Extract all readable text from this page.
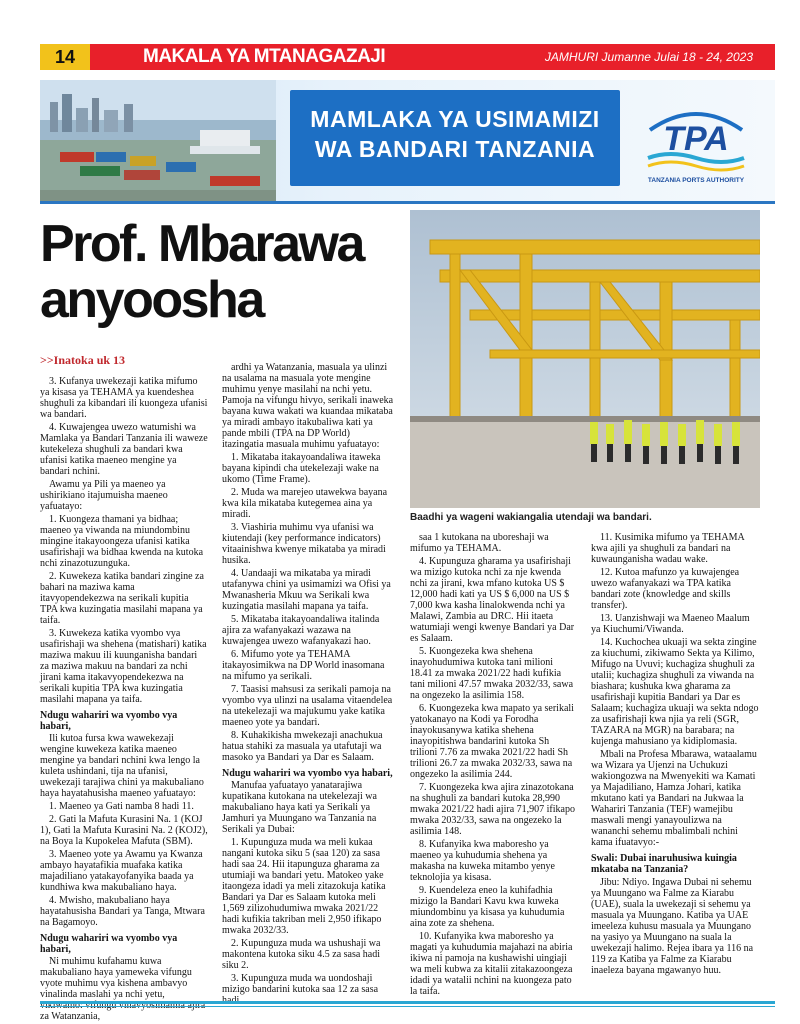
14	MAKALA YA MTANAGAZAJI	JAMHURI Jumanne Julai 18 - 24, 2023
MAMLAKA YA USIMAMIZI
WA BANDARI TANZANIA	TPA
TANZANIA PORTS AUTHORITY
Prof. Mbarawa
anyoosha
>>Inatoka uk 13
Baadhi ya wageni wakiangalia utendaji wa bandari.

3. Kufanya uwekezaji katika mifumo ya kisasa ya TEHAMA ya kuendeshea shughuli za kibandari ili kuongeza ufanisi wa bandari.

4. Kuwajengea uwezo watumishi wa Mamlaka ya Bandari Tanzania ili waweze kutekeleza shughuli za bandari kwa ufanisi katika maeneo mengine ya bandari nchini.

Awamu ya Pili ya maeneo ya ushirikiano itajumuisha maeneo yafuatayo:

1. Kuongeza thamani ya bidhaa; maeneo ya viwanda na miundombinu mingine itakayoongeza ufanisi katika usafirishaji wa bidhaa kwenda na kutoka nchi zinazotuzunguka.

2. Kuwekeza katika bandari zingine za bahari na maziwa kama itavyopendekezwa na serikali kupitia TPA kwa kuzingatia masilahi mapana ya taifa.

3. Kuwekeza katika vyombo vya usafirishaji wa shehena (matishari) katika maziwa makuu ili kuunganisha bandari za maziwa makuu na bandari za nchi jirani kama itakavyopendekezwa na serikali kupitia TPA kwa kuzingatia masilahi mapana ya taifa.

Ndugu wahariri wa vyombo vya habari,

Ili kutoa fursa kwa wawekezaji wengine kuwekeza katika maeneo mengine ya bandari nchini kwa lengo la kuleta ushindani, tija na ufanisi, uwekezaji tarajiwa chini ya makubaliano haya hayatahusisha maeneo yafuatayo:

1. Maeneo ya Gati namba 8 hadi 11.

2. Gati la Mafuta Kurasini Na. 1 (KOJ 1), Gati la Mafuta Kurasini Na. 2 (KOJ2), na Boya la Kupokelea Mafuta (SBM).

3. Maeneo yote ya Awamu ya Kwanza ambayo hayatafikia muafaka katika majadiliano yatakayofanyika baada ya kundhiwa kwa makubaliano haya.

4. Mwisho, makubaliano haya hayatahusisha Bandari ya Tanga, Mtwara na Bagamoyo.

Ndugu wahariri wa vyombo vya habari,

Ni muhimu kufahamu kuwa makubaliano haya yameweka vifungu vyote muhimu vya kishena ambavyo vinalinda maslahi ya nchi yetu, za Watanzania,

ardhi ya Watanzania, masuala ya ulinzi na usalama na masuala yote mengine muhimu yenye masilahi na nchi yetu. Pamoja na vifungu hivyo, serikali inaweka bayana kuwa wakati wa kuandaa mikataba ya miradi ambayo itakubaliwa kati ya pande mbili (TPA na DP World) itazingatia masuala muhimu yafuatayo:

1. Mikataba itakayoandaliwa itaweka bayana kipindi cha utekelezaji wake na ukomo (Time Frame).

2. Muda wa marejeo utawekwa bayana kwa kila mikataba kutegemea aina ya miradi.

3. Viashiria muhimu vya ufanisi wa kiutendaji (key performance indicators) vitaainishwa kwenye mikataba ya miradi husika.

4. Uandaaji wa mikataba ya miradi utafanywa chini ya usimamizi wa Ofisi ya Mwanasheria Mkuu wa Serikali kwa kuzingatia masilahi mapana ya taifa.

5. Mikataba itakayoandaliwa italinda ajira za wafanyakazi wazawa na kuwajengea uwezo wafanyakazi hao.

6. Mifumo yote ya TEHAMA itakayosimikwa na DP World inasomana na mifumo ya serikali.

7. Taasisi mahsusi za serikali pamoja na vyombo vya ulinzi na usalama vitaendelea na utekelezaji wa majukumu yake katika maeneo yote ya bandari.

8. Kuhakikisha mwekezaji anachukua hatua stahiki za masuala ya utafutaji wa masoko ya Bandari ya Dar es Salaam.

Ndugu wahariri wa vyombo vya habari,

Manufaa yafuatayo yanatarajiwa kupatikana kutokana na utekelezaji wa makubaliano haya kati ya Serikali ya Jamhuri ya Muungano wa Tanzania na Serikali ya Dubai:

1. Kupunguza muda wa meli kukaa nangani kutoka siku 5 (saa 120) za sasa hadi saa 24. Hii itapunguza gharama za utumiaji wa bandari yetu. Matokeo yake itaongeza idadi ya meli zitazokuja katika Bandari ya Dar es Salaam kutoka meli 1,569 zilizohudumiwa mwaka 2021/22 hadi kufikia takriban meli 2,950 ifikapo mwaka 2032/33.

2. Kupunguza muda wa ushushaji wa makontena kutoka siku 4.5 za sasa hadi siku 2.

3. Kupunguza muda wa uondoshaji mizigo bandarini kutoka saa 12 za sasa

saa 1 kutokana na uboreshaji wa mifumo ya TEHAMA.

4. Kupunguza gharama ya usafirishaji wa mizigo kutoka nchi za nje kwenda nchi za jirani, kwa mfano kutoka US $ 12,000 hadi kati ya US $ 6,000 na US $ 7,000 kwa kasha linalokwenda nchi ya Malawi, Zambia au DRC. Hii itaeta watumiaji wengi kwenye Bandari ya Dar es Salaam.

5. Kuongezeka kwa shehena inayohudumiwa kutoka tani milioni 18.41 za mwaka 2021/22 hadi kufikia tani milioni 47.57 mwaka 2032/33, sawa na ongezeko la asilimia 158.

6. Kuongezeka kwa mapato ya serikali yatokanayo na Kodi ya Forodha inayokusanywa katika shehena inayopitishwa bandarini kutoka Sh trilioni 7.76 za mwaka 2021/22 hadi Sh trilioni 26.7 za mwaka 2032/33, sawa na ongezeko la asilimia 244.

7. Kuongezeka kwa ajira zinazotokana na shughuli za bandari kutoka 28,990 mwaka 2021/22 hadi ajira 71,907 ifikapo mwaka 2032/33, sawa na ongezeko la asilimia 148.

8. Kufanyika kwa maboresho ya maeneo ya kuhudumia shehena ya makasha na kuweka mitambo yenye teknolojia ya kisasa.

9. Kuendeleza eneo la kuhifadhia mizigo la Bandari Kavu kwa kuweka miundombinu ya kisasa ya kuhudumia aina zote za shehena.

10. Kufanyika kwa maboresho ya magati ya kuhudumia majahazi na abiria ikiwa ni pamoja na kushawishi uingiaji wa meli kubwa za kitalii zitakazoongeza idadi ya watalii nchini na kuongeza pato la taifa.

11. Kusimika mifumo ya TEHAMA kwa ajili ya shughuli za bandari na kuwaunganisha wadau wake.

12. Kutoa mafunzo ya kuwajengea uwezo wafanyakazi wa TPA katika bandari zote (knowledge and skills transfer).

13. Uanzishwaji wa Maeneo Maalum ya Kiuchumi/Viwanda.

14. Kuchochea ukuaji wa sekta zingine za kiuchumi, zikiwamo Sekta ya Kilimo, Mifugo na Uvuvi; kuchagiza shughuli za utalii; kuchagiza shughuli za viwanda na biashara; kushuka kwa gharama za usafirishaji kupitia Bandari ya Dar es Salaam; kuchagiza ukuaji wa sekta ndogo za usafirishaji kwa njia ya reli (SGR, TAZARA na MGR) na barabara; na kujenga mahusiano ya kidiplomasia.

Mbali na Profesa Mbarawa, wataalamu wa Wizara ya Ujenzi na Uchukuzi wakiongozwa na Mwenyekiti wa Kamati ya Majadiliano, Hamza Johari, katika mkutano kati ya Bandari na Jukwaa la Wahariri Tanzania (TEF) wamejibu maswali mengi yanayoulizwa na wananchi sehemu mbalimbali nchini kama ifuatavyo:-

Swali: Dubai inaruhusiwa kuingia mkataba na Tanzania?

Jibu: Ndiyo. Ingawa Dubai ni sehemu ya Muungano wa Falme za Kiarabu (UAE), suala la uwekezaji si sehemu ya masuala ya Muungano. Katiba ya UAE imeeleza kuhusu masuala ya Muungano na yasiyo ya Muungano na suala la uwekezaji halimo. Rejea ibara ya 116 na 119 za Katiba ya Falme za Kiarabu inaeleza bayana mgawanyo huu.
